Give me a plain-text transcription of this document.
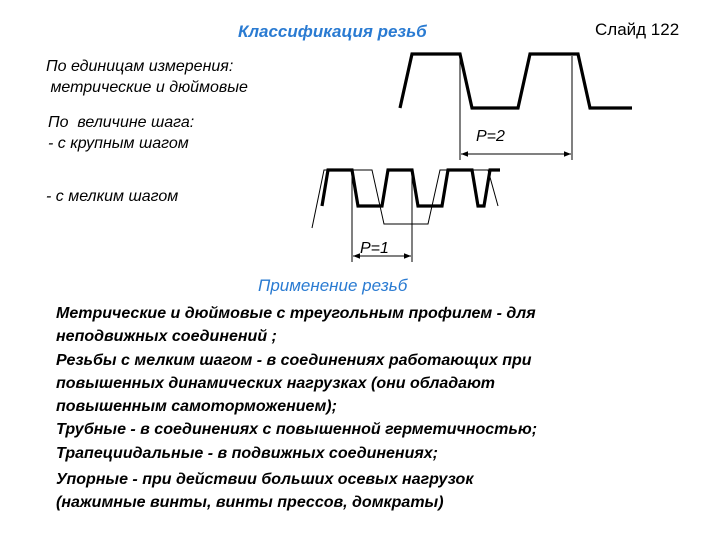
Классификация резьб	Слайд 122
По единицам измерения:
метрические и дюймовые
По  величине шага:
- с крупным шагом
- с мелким шагом
P=2
P=1
Применение резьб
Метрические и дюймовые с треугольным профилем - для
неподвижных соединений ;
Резьбы с мелким шагом - в соединениях работающих при
повышенных динамических нагрузках (они обладают
повышенным самоторможением);
Трубные - в соединениях с повышенной герметичностью;
Трапециидальные - в подвижных соединениях;
Упорные - при действии больших осевых нагрузок
(нажимные винты, винты прессов, домкраты)
